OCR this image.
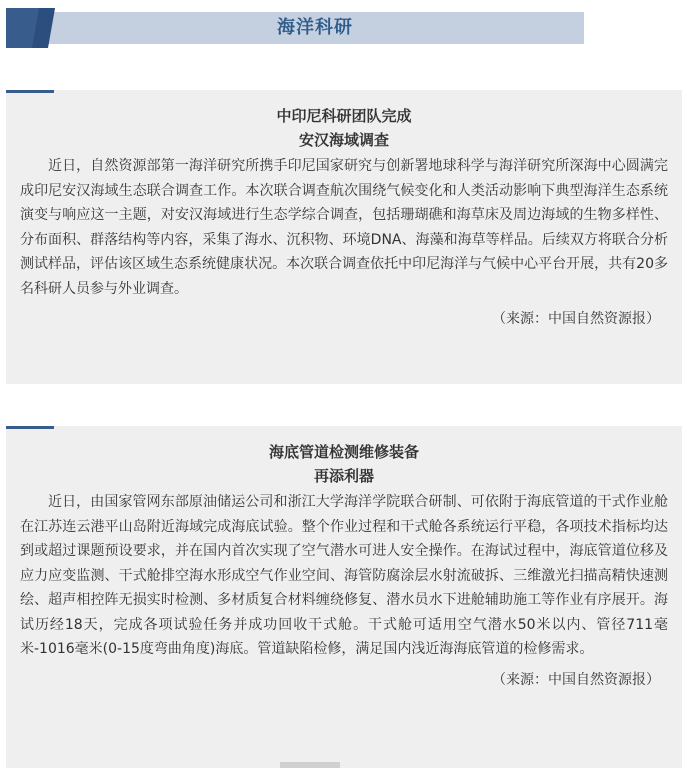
海洋科研

中印尼科研团队完成

安汉海域调查

近日，自然资源部第一海洋研究所携手印尼国家研究与创新署地球科学与海洋研究所深海中心圆满完成印尼安汉海域生态联合调查工作。本次联合调查航次围绕气候变化和人类活动影响下典型海洋生态系统演变与响应这一主题，对安汉海域进行生态学综合调查，包括珊瑚礁和海草床及周边海域的生物多样性、分布面积、群落结构等内容，采集了海水、沉积物、环境DNA、海藻和海草等样品。后续双方将联合分析测试样品，评估该区域生态系统健康状况。本次联合调查依托中印尼海洋与气候中心平台开展，共有20多名科研人员参与外业调查。

（来源：中国自然资源报）

海底管道检测维修装备

再添利器

近日，由国家管网东部原油储运公司和浙江大学海洋学院联合研制、可依附于海底管道的干式作业舱在江苏连云港平山岛附近海域完成海底试验。整个作业过程和干式舱各系统运行平稳，各项技术指标均达到或超过课题预设要求，并在国内首次实现了空气潜水可进人安全操作。在海试过程中，海底管道位移及应力应变监测、干式舱排空海水形成空气作业空间、海管防腐涂层水射流破拆、三维激光扫描高精快速测绘、超声相控阵无损实时检测、多材质复合材料缠绕修复、潜水员水下进舱辅助施工等作业有序展开。海试历经18天，完成各项试验任务并成功回收干式舱。干式舱可适用空气潜水50米以内、管径711毫米-1016毫米(0-15度弯曲角度)海底。管道缺陷检修，满足国内浅近海海底管道的检修需求。

（来源：中国自然资源报）
